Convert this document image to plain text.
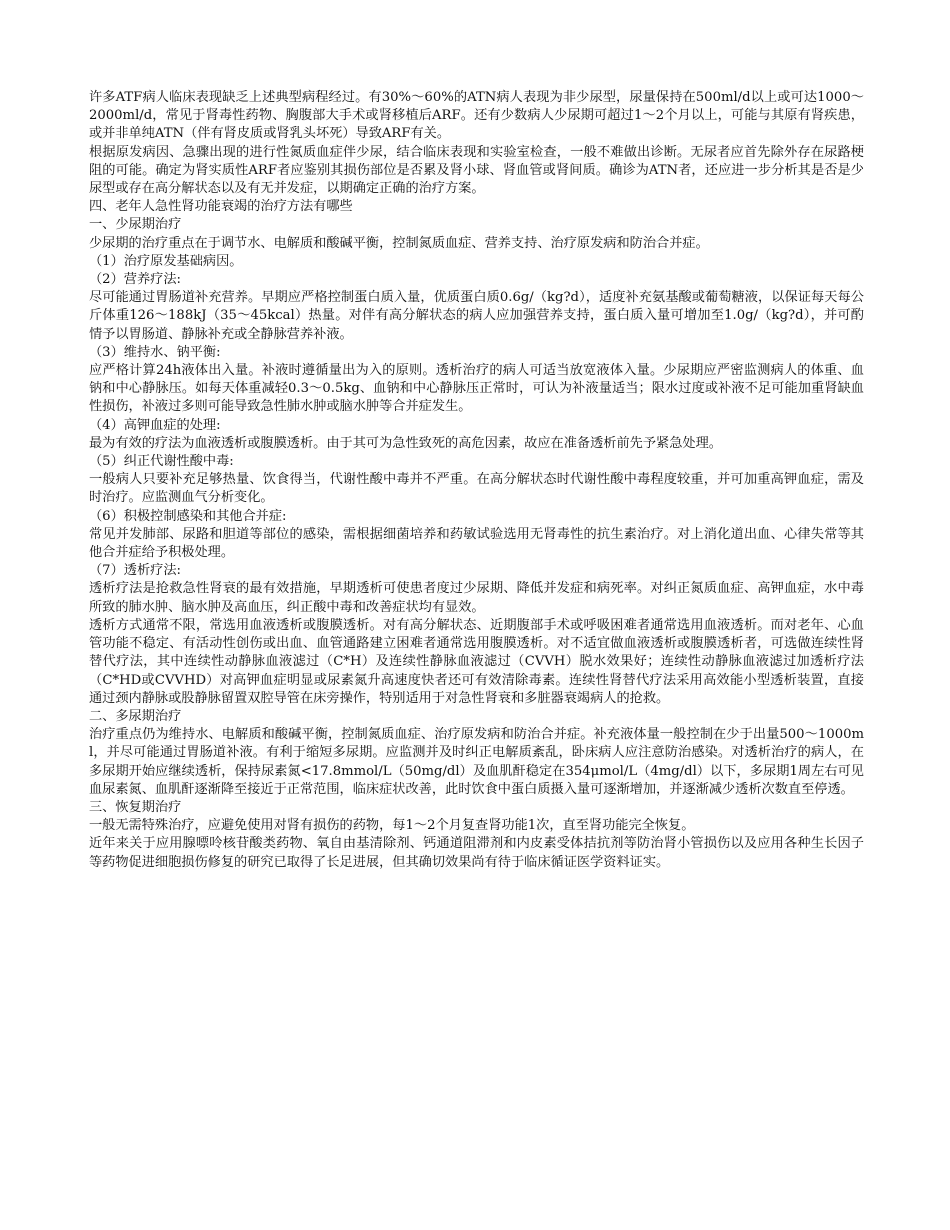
许多ATF病人临床表现缺乏上述典型病程经过。有30%～60%的ATN病人表现为非少尿型，尿量保持在500ml/d以上或可达1000～2000ml/d，常见于肾毒性药物、胸腹部大手术或肾移植后ARF。还有少数病人少尿期可超过1～2个月以上，可能与其原有肾疾患，或并非单纯ATN（伴有肾皮质或肾乳头坏死）导致ARF有关。

根据原发病因、急骤出现的进行性氮质血症伴少尿，结合临床表现和实验室检查，一般不难做出诊断。无尿者应首先除外存在尿路梗阻的可能。确定为肾实质性ARF者应鉴别其损伤部位是否累及肾小球、肾血管或肾间质。确诊为ATN者，还应进一步分析其是否是少尿型或存在高分解状态以及有无并发症，以期确定正确的治疗方案。

四、老年人急性肾功能衰竭的治疗方法有哪些

一、少尿期治疗

少尿期的治疗重点在于调节水、电解质和酸碱平衡，控制氮质血症、营养支持、治疗原发病和防治合并症。

（1）治疗原发基础病因。

（2）营养疗法:

尽可能通过胃肠道补充营养。早期应严格控制蛋白质入量，优质蛋白质0.6g/（kg?d），适度补充氨基酸或葡萄糖液，以保证每天每公斤体重126～188kJ（35～45kcal）热量。对伴有高分解状态的病人应加强营养支持，蛋白质入量可增加至1.0g/（kg?d），并可酌情予以胃肠道、静脉补充或全静脉营养补液。

（3）维持水、钠平衡:

应严格计算24h液体出入量。补液时遵循量出为入的原则。透析治疗的病人可适当放宽液体入量。少尿期应严密监测病人的体重、血钠和中心静脉压。如每天体重减轻0.3～0.5kg、血钠和中心静脉压正常时，可认为补液量适当；限水过度或补液不足可能加重肾缺血性损伤，补液过多则可能导致急性肺水肿或脑水肿等合并症发生。

（4）高钾血症的处理:

最为有效的疗法为血液透析或腹膜透析。由于其可为急性致死的高危因素，故应在准备透析前先予紧急处理。

（5）纠正代谢性酸中毒:

一般病人只要补充足够热量、饮食得当，代谢性酸中毒并不严重。在高分解状态时代谢性酸中毒程度较重，并可加重高钾血症，需及时治疗。应监测血气分析变化。

（6）积极控制感染和其他合并症:

常见并发肺部、尿路和胆道等部位的感染，需根据细菌培养和药敏试验选用无肾毒性的抗生素治疗。对上消化道出血、心律失常等其他合并症给予积极处理。

（7）透析疗法:

透析疗法是抢救急性肾衰的最有效措施，早期透析可使患者度过少尿期、降低并发症和病死率。对纠正氮质血症、高钾血症，水中毒所致的肺水肿、脑水肿及高血压，纠正酸中毒和改善症状均有显效。

透析方式通常不限，常选用血液透析或腹膜透析。对有高分解状态、近期腹部手术或呼吸困难者通常选用血液透析。而对老年、心血管功能不稳定、有活动性创伤或出血、血管通路建立困难者通常选用腹膜透析。对不适宜做血液透析或腹膜透析者，可选做连续性肾替代疗法，其中连续性动静脉血液滤过（C*H）及连续性静脉血液滤过（CVVH）脱水效果好；连续性动静脉血液滤过加透析疗法（C*HD或CVVHD）对高钾血症明显或尿素氮升高速度快者还可有效清除毒素。连续性肾替代疗法采用高效能小型透析装置，直接通过颈内静脉或股静脉留置双腔导管在床旁操作，特别适用于对急性肾衰和多脏器衰竭病人的抢救。

二、多尿期治疗

治疗重点仍为维持水、电解质和酸碱平衡，控制氮质血症、治疗原发病和防治合并症。补充液体量一般控制在少于出量500～1000ml，并尽可能通过胃肠道补液。有利于缩短多尿期。应监测并及时纠正电解质紊乱，卧床病人应注意防治感染。对透析治疗的病人，在多尿期开始应继续透析，保持尿素氮<17.8mmol/L（50mg/dl）及血肌酐稳定在354μmol/L（4mg/dl）以下，多尿期1周左右可见血尿素氮、血肌酐逐渐降至接近于正常范围，临床症状改善，此时饮食中蛋白质摄入量可逐渐增加，并逐渐减少透析次数直至停透。

三、恢复期治疗

一般无需特殊治疗，应避免使用对肾有损伤的药物，每1～2个月复查肾功能1次，直至肾功能完全恢复。

近年来关于应用腺嘌呤核苷酸类药物、氧自由基清除剂、钙通道阻滞剂和内皮素受体拮抗剂等防治肾小管损伤以及应用各种生长因子等药物促进细胞损伤修复的研究已取得了长足进展，但其确切效果尚有待于临床循证医学资料证实。
